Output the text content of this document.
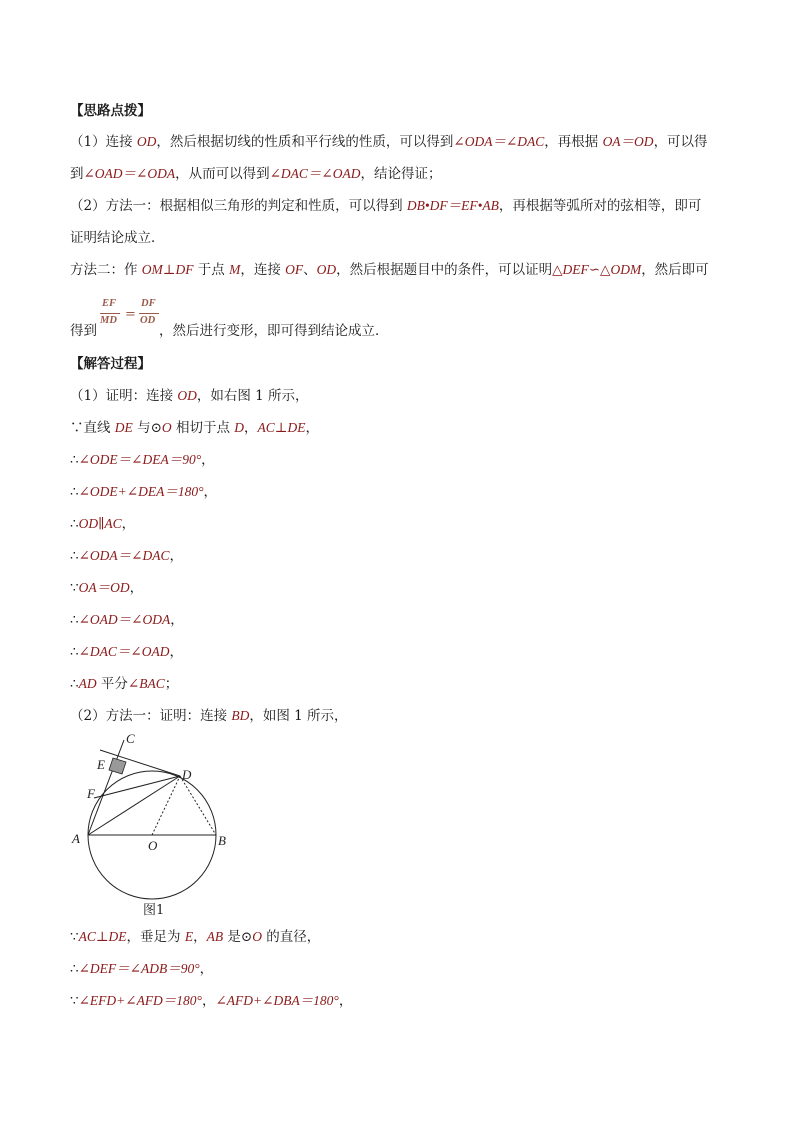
【思路点拨】
（1）连接 OD，然后根据切线的性质和平行线的性质，可以得到∠ODA＝∠DAC，再根据 OA＝OD，可以得
到∠OAD＝∠ODA，从而可以得到∠DAC＝∠OAD，结论得证；
（2）方法一：根据相似三角形的判定和性质，可以得到 DB•DF＝EF•AB，再根据等弧所对的弦相等，即可
证明结论成立．
方法二：作 OM⊥DF 于点 M，连接 OF、OD，然后根据题目中的条件，可以证明△DEF∽△ODM，然后即可
EF
MD =
DF
OD
得到	，然后进行变形，即可得到结论成立．
【解答过程】
（1）证明：连接 OD，如右图 1 所示，
∵直线 DE 与⊙O 相切于点 D，AC⊥DE，
∴∠ODE＝∠DEA＝90°，
∴∠ODE+∠DEA＝180°，
∴OD∥AC，
∴∠ODA＝∠DAC，
∵OA＝OD，
∴∠OAD＝∠ODA，
∴∠DAC＝∠OAD，
∴AD 平分∠BAC；
（2）方法一：证明：连接 BD，如图 1 所示，
∵AC⊥DE，垂足为 E，AB 是⊙O 的直径，
∴∠DEF＝∠ADB＝90°，
∵∠EFD+∠AFD＝180°，∠AFD+∠DBA＝180°，
C
E
D
F
A	B
O
图1
